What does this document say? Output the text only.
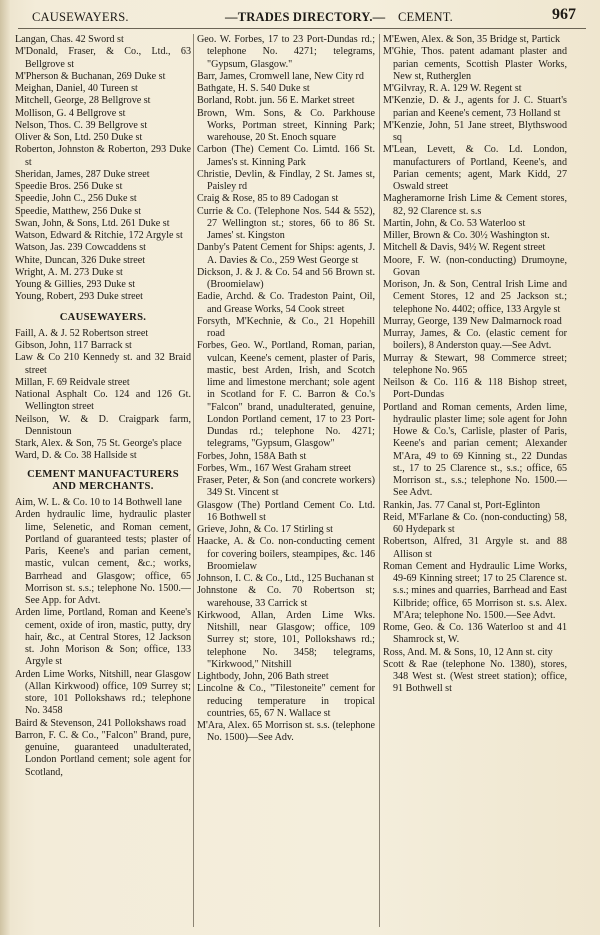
CAUSEWAYERS.	—TRADES DIRECTORY.— CEMENT.	967
Langan, Chas. 42 Sword st
M'Donald, Fraser, & Co., Ltd., 63 Bellgrove st
M'Pherson & Buchanan, 269 Duke st
Meighan, Daniel, 40 Tureen st
Mitchell, George, 28 Bellgrove st
Mollison, G. 4 Bellgrove st
Nelson, Thos. C. 39 Bellgrove st
Oliver & Son, Ltd. 250 Duke st
Roberton, Johnston & Roberton, 293 Duke st
Sheridan, James, 287 Duke street
Speedie Bros. 256 Duke st
Speedie, John C., 256 Duke st
Speedie, Matthew, 256 Duke st
Swan, John, & Sons, Ltd. 261 Duke st
Watson, Edward & Ritchie, 172 Argyle st
Watson, Jas. 239 Cowcaddens st
White, Duncan, 326 Duke street
Wright, A. M. 273 Duke st
Young & Gillies, 293 Duke st
Young, Robert, 293 Duke street
CAUSEWAYERS.
Faill, A. & J. 52 Robertson street
Gibson, John, 117 Barrack st
Law & Co 210 Kennedy st. and 32 Braid street
Millan, F. 69 Reidvale street
National Asphalt Co. 124 and 126 Gt. Wellington street
Neilson, W. & D. Craigpark farm, Dennistoun
Stark, Alex. & Son, 75 St. George's place
Ward, D. & Co. 38 Hallside st
CEMENT MANUFACTURERS AND MERCHANTS.
Aim, W. L. & Co. 10 to 14 Bothwell lane
Arden hydraulic lime, hydraulic plaster lime, Selenetic, and Roman cement, Portland of guaranteed tests; plaster of Paris, Keene's and parian cement, mastic, vulcan cement, &c.; works, Barrhead and Glasgow; office, 65 Morrison st. s.s.; telephone No. 1500.—See App. for Advt.
Arden lime, Portland, Roman and Keene's cement, oxide of iron, mastic, putty, dry hair, &c., at Central Stores, 12 Jackson st. John Morison & Son; office, 133 Argyle st
Arden Lime Works, Nitshill, near Glasgow (Allan Kirkwood) office, 109 Surrey st; store, 101 Pollokshaws rd.; telephone No. 3458
Baird & Stevenson, 241 Pollokshaws road
Barron, F. C. & Co., "Falcon" Brand, pure, genuine, guaranteed unadulterated, London Portland cement; sole agent for Scotland,
Geo. W. Forbes, 17 to 23 Port-Dundas rd.; telephone No. 4271; telegrams, "Gypsum, Glasgow."
Barr, James, Cromwell lane, New City rd
Bathgate, H. S. 540 Duke st
Borland, Robt. jun. 56 E. Market street
Brown, Wm. Sons, & Co. Parkhouse Works, Portman street, Kinning Park; warehouse, 20 St. Enoch square
Carbon (The) Cement Co. Limtd. 166 St. James's st. Kinning Park
Christie, Devlin, & Findlay, 2 St. James st, Paisley rd
Craig & Rose, 85 to 89 Cadogan st
Currie & Co. (Telephone Nos. 544 & 552), 27 Wellington st.; stores, 66 to 86 St. James' st. Kingston
Danby's Patent Cement for Ships: agents, J. A. Davies & Co., 259 West George st
Dickson, J. & J. & Co. 54 and 56 Brown st. (Broomielaw)
Eadie, Archd. & Co. Tradeston Paint, Oil, and Grease Works, 54 Cook street
Forsyth, M'Kechnie, & Co., 21 Hopehill road
Forbes, Geo. W., Portland, Roman, parian, vulcan, Keene's cement, plaster of Paris, mastic, best Arden, Irish, and Scotch lime and limestone merchant; sole agent in Scotland for F. C. Barron & Co.'s "Falcon" brand, unadulterated, genuine, London Portland cement, 17 to 23 Port-Dundas rd.; telephone No. 4271; telegrams, "Gypsum, Glasgow"
Forbes, John, 158A Bath st
Forbes, Wm., 167 West Graham street
Fraser, Peter, & Son (and concrete workers) 349 St. Vincent st
Glasgow (The) Portland Cement Co. Ltd. 16 Bothwell st
Grieve, John, & Co. 17 Stirling st
Haacke, A. & Co. non-conducting cement for covering boilers, steampipes, &c. 146 Broomielaw
Johnson, I. C. & Co., Ltd., 125 Buchanan st
Johnstone & Co. 70 Robertson st; warehouse, 33 Carrick st
Kirkwood, Allan, Arden Lime Wks. Nitshill, near Glasgow; office, 109 Surrey st; store, 101, Pollokshaws rd.; telephone No. 3458; telegrams, "Kirkwood," Nitshill
Lightbody, John, 206 Bath street
Lincolne & Co., "Tilestoneite" cement for reducing temperature in tropical countries, 65, 67 N. Wallace st
M'Ara, Alex. 65 Morrison st. s.s. (telephone No. 1500)—See Adv.
M'Ewen, Alex. & Son, 35 Bridge st, Partick
M'Ghie, Thos. patent adamant plaster and parian cements, Scottish Plaster Works, New st, Rutherglen
M'Gilvray, R. A. 129 W. Regent st
M'Kenzie, D. & J., agents for J. C. Stuart's parian and Keene's cement, 73 Holland st
M'Kenzie, John, 51 Jane street, Blythswood sq
M'Lean, Levett, & Co. Ld. London, manufacturers of Portland, Keene's, and Parian cements; agent, Mark Kidd, 27 Oswald street
Magheramorne Irish Lime & Cement stores, 82, 92 Clarence st. s.s
Martin, John, & Co. 53 Waterloo st
Miller, Brown & Co. 30½ Washington st.
Mitchell & Davis, 94½ W. Regent street
Moore, F. W. (non-conducting) Drumoyne, Govan
Morison, Jn. & Son, Central Irish Lime and Cement Stores, 12 and 25 Jackson st.; telephone No. 4402; office, 133 Argyle st
Murray, George, 139 New Dalmarnock road
Murray, James, & Co. (elastic cement for boilers), 8 Anderston quay.—See Advt.
Murray & Stewart, 98 Commerce street; telephone No. 965
Neilson & Co. 116 & 118 Bishop street, Port-Dundas
Portland and Roman cements, Arden lime, hydraulic plaster lime; sole agent for John Howe & Co.'s, Carlisle, plaster of Paris, Keene's and parian cement; Alexander M'Ara, 49 to 69 Kinning st., 22 Dundas st., 17 to 25 Clarence st., s.s.; office, 65 Morrison st., s.s.; telephone No. 1500.—See Advt.
Rankin, Jas. 77 Canal st, Port-Eglinton
Reid, M'Farlane & Co. (non-conducting) 58, 60 Hydepark st
Robertson, Alfred, 31 Argyle st. and 88 Allison st
Roman Cement and Hydraulic Lime Works, 49-69 Kinning street; 17 to 25 Clarence st. s.s.; mines and quarries, Barrhead and East Kilbride; office, 65 Morrison st. s.s. Alex. M'Ara; telephone No. 1500.—See Advt.
Rome, Geo. & Co. 136 Waterloo st and 41 Shamrock st, W.
Ross, And. M. & Sons, 10, 12 Ann st. city
Scott & Rae (telephone No. 1380), stores, 348 West st. (West street station); office, 91 Bothwell st
